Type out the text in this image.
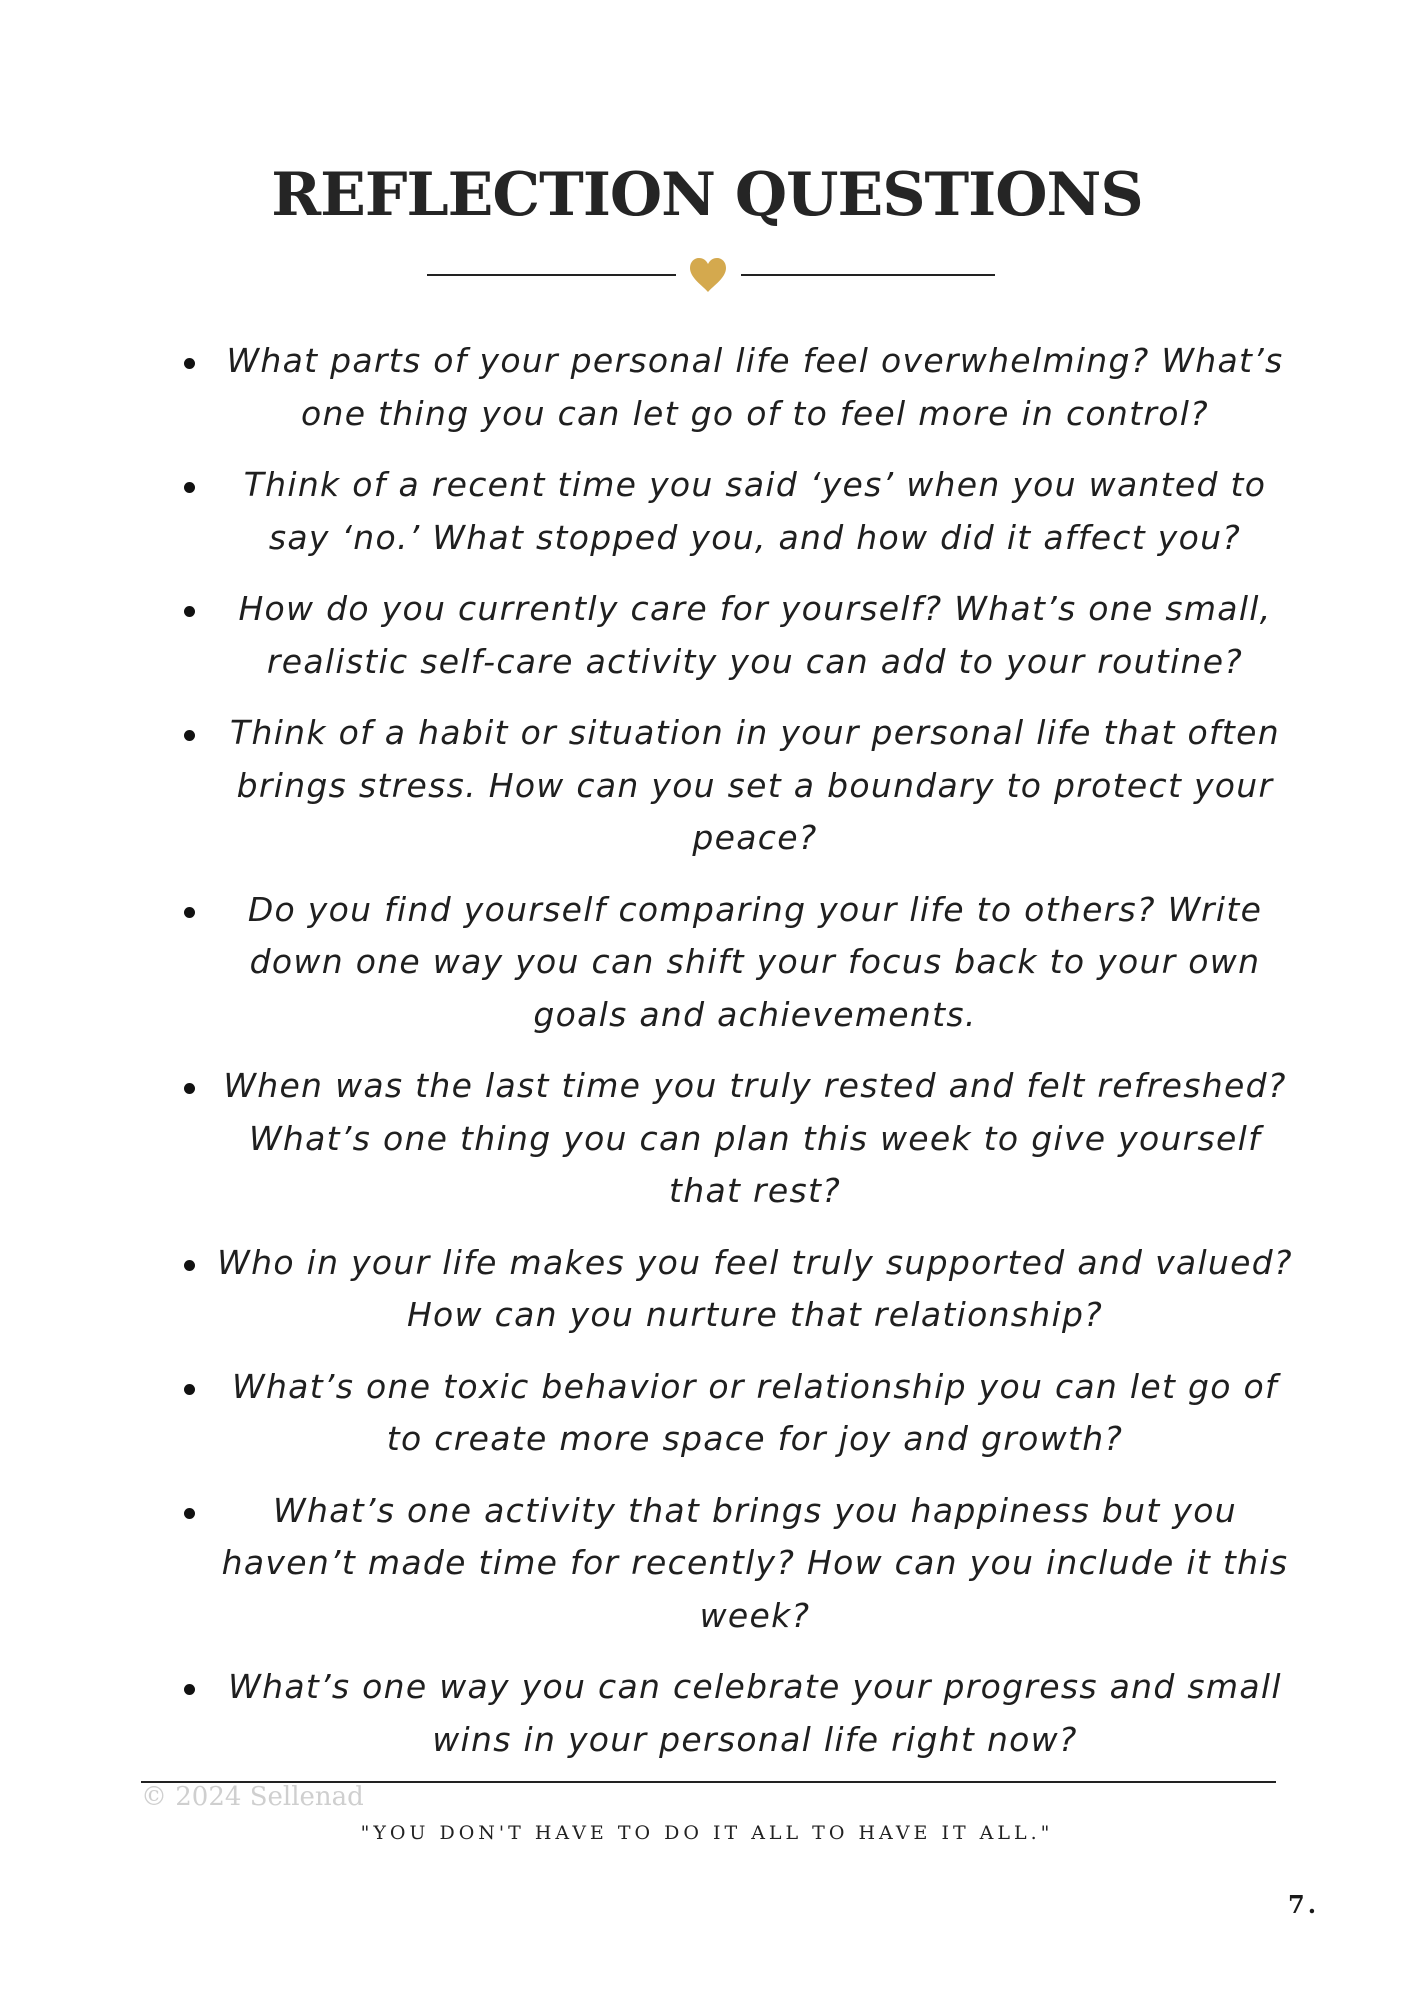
REFLECTION QUESTIONS
What parts of your personal life feel overwhelming? What’s one thing you can let go of to feel more in control?
Think of a recent time you said ‘yes’ when you wanted to say ‘no.’ What stopped you, and how did it affect you?
How do you currently care for yourself? What’s one small, realistic self-care activity you can add to your routine?
Think of a habit or situation in your personal life that often brings stress. How can you set a boundary to protect your peace?
Do you find yourself comparing your life to others? Write down one way you can shift your focus back to your own goals and achievements.
When was the last time you truly rested and felt refreshed? What’s one thing you can plan this week to give yourself that rest?
Who in your life makes you feel truly supported and valued? How can you nurture that relationship?
What’s one toxic behavior or relationship you can let go of to create more space for joy and growth?
What’s one activity that brings you happiness but you haven’t made time for recently? How can you include it this week?
What’s one way you can celebrate your progress and small wins in your personal life right now?
© 2024 Sellenad
"YOU DON'T HAVE TO DO IT ALL TO HAVE IT ALL."
7.
